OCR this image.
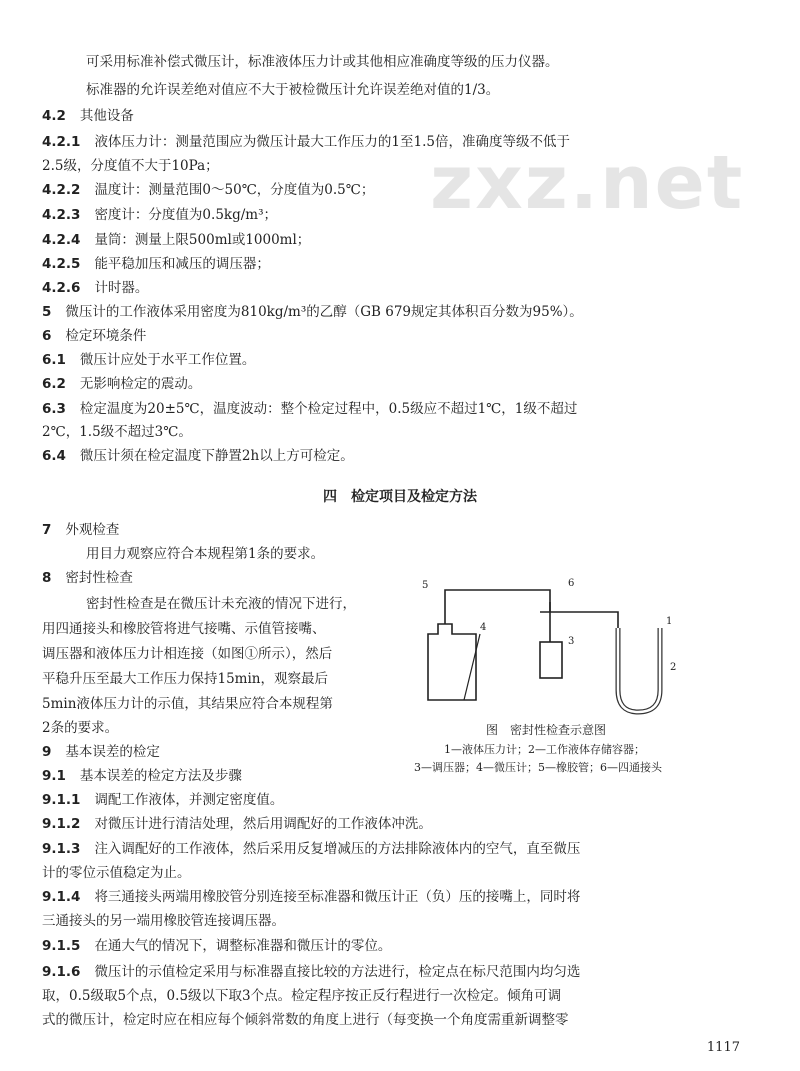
zxz.net
可采用标准补偿式微压计，标准液体压力计或其他相应准确度等级的压力仪器。
标准器的允许误差绝对值应不大于被检微压计允许误差绝对值的1/3。
4.2 其他设备
4.2.1 液体压力计：测量范围应为微压计最大工作压力的1至1.5倍，准确度等级不低于
2.5级，分度值不大于10Pa；
4.2.2 温度计：测量范围0～50℃，分度值为0.5℃；
4.2.3 密度计：分度值为0.5kg/m³；
4.2.4 量筒：测量上限500ml或1000ml；
4.2.5 能平稳加压和减压的调压器；
4.2.6 计时器。
5 微压计的工作液体采用密度为810kg/m³的乙醇（GB 679规定其体积百分数为95%）。
6 检定环境条件
6.1 微压计应处于水平工作位置。
6.2 无影响检定的震动。
6.3 检定温度为20±5℃，温度波动：整个检定过程中，0.5级应不超过1℃，1级不超过
2℃，1.5级不超过3℃。
6.4 微压计须在检定温度下静置2h以上方可检定。
四　检定项目及检定方法
7 外观检查
用目力观察应符合本规程第1条的要求。
8 密封性检查
密封性检查是在微压计未充液的情况下进行，
用四通接头和橡胶管将进气接嘴、示值管接嘴、
调压器和液体压力计相连接（如图①所示），然后
平稳升压至最大工作压力保持15min，观察最后
5min液体压力计的示值，其结果应符合本规程第
2条的要求。
5	6
4
3
1
2
图　密封性检查示意图
1—液体压力计；2—工作液体存储容器；
3—调压器；4—微压计；5—橡胶管；6—四通接头
9 基本误差的检定
9.1 基本误差的检定方法及步骤
9.1.1 调配工作液体，并测定密度值。
9.1.2 对微压计进行清洁处理，然后用调配好的工作液体冲洗。
9.1.3 注入调配好的工作液体，然后采用反复增减压的方法排除液体内的空气，直至微压
计的零位示值稳定为止。
9.1.4 将三通接头两端用橡胶管分别连接至标准器和微压计正（负）压的接嘴上，同时将
三通接头的另一端用橡胶管连接调压器。
9.1.5 在通大气的情况下，调整标准器和微压计的零位。
9.1.6 微压计的示值检定采用与标准器直接比较的方法进行，检定点在标尺范围内均匀选
取，0.5级取5个点，0.5级以下取3个点。检定程序按正反行程进行一次检定。倾角可调
式的微压计，检定时应在相应每个倾斜常数的角度上进行（每变换一个角度需重新调整零
1117
